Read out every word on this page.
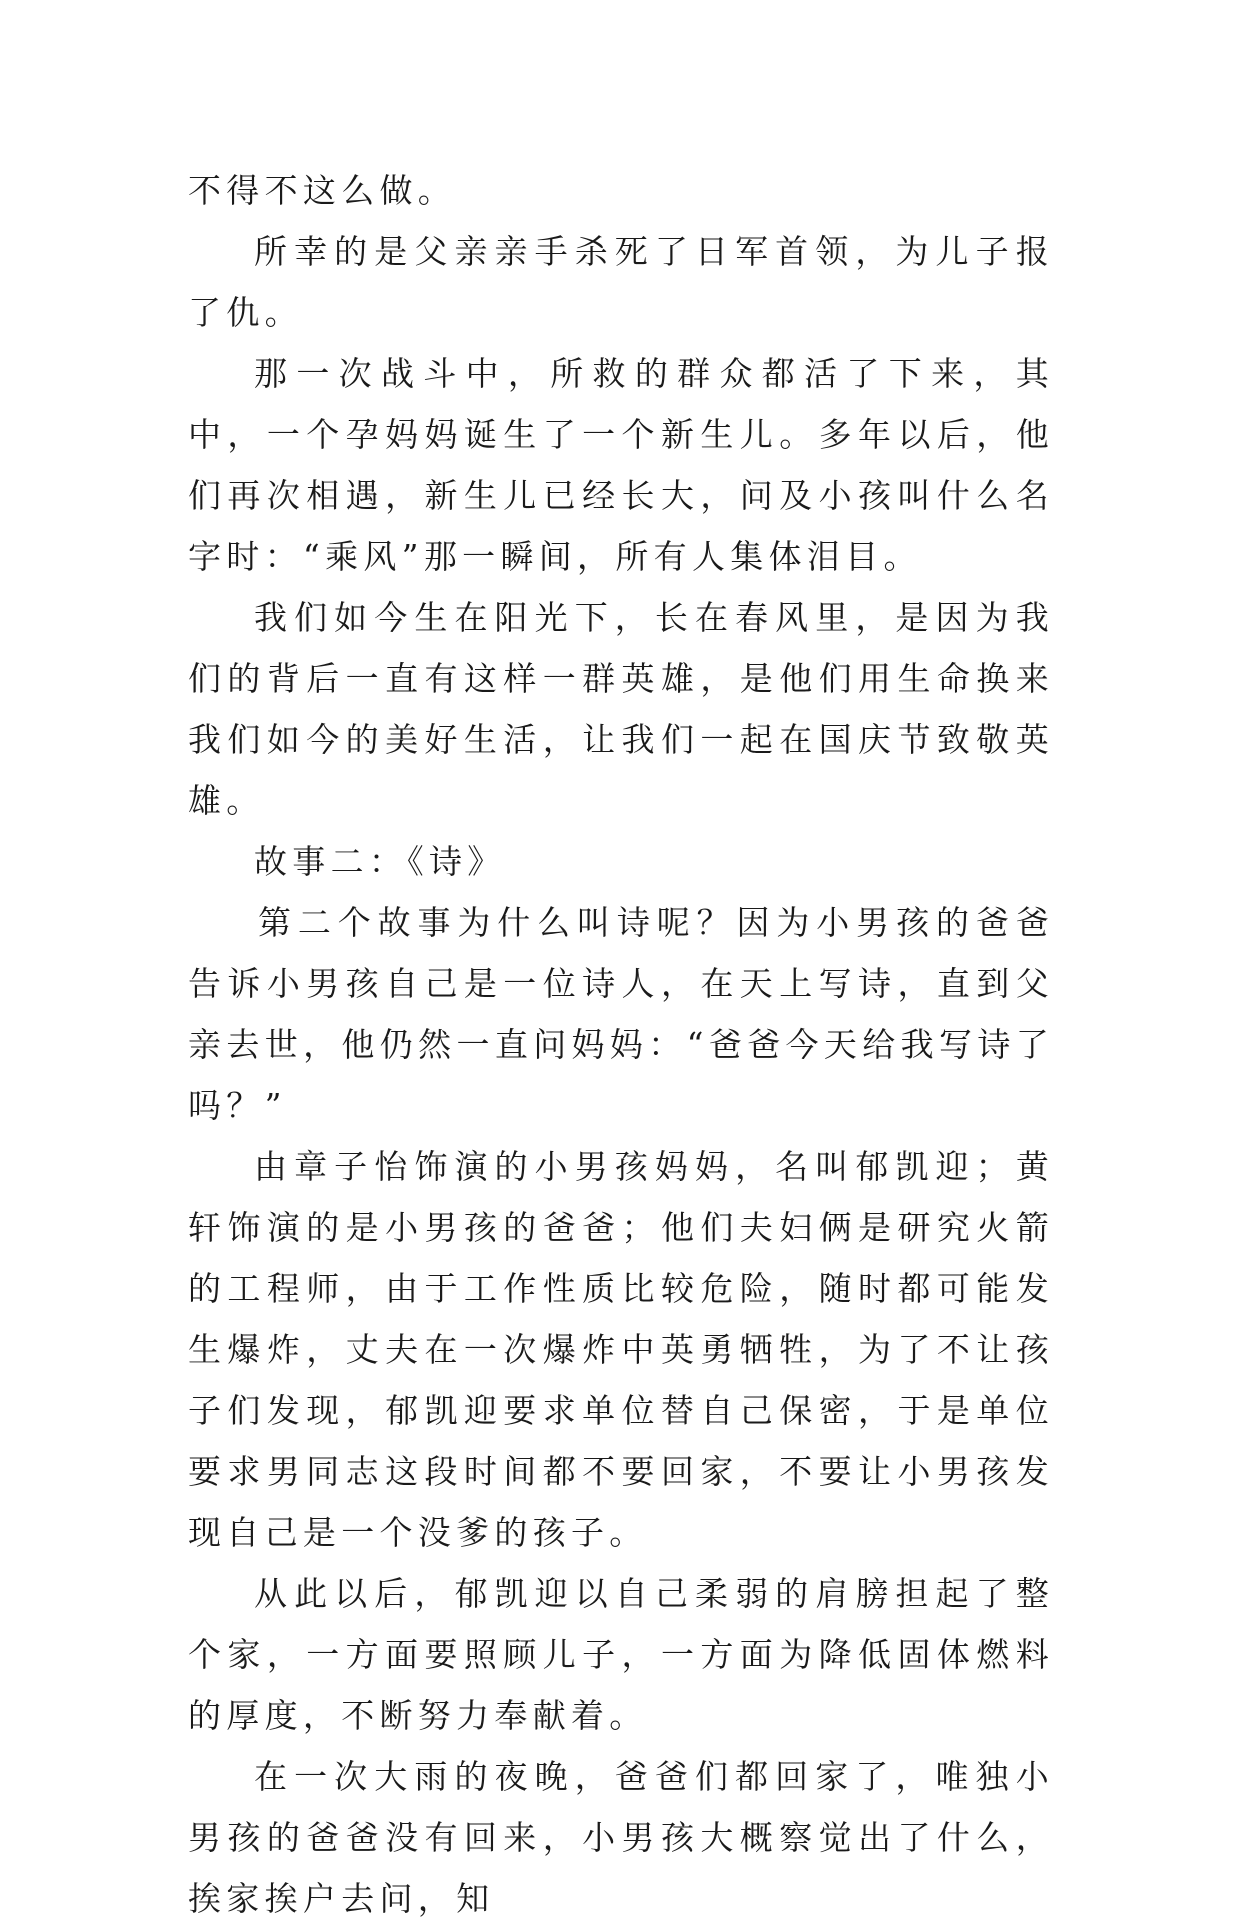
不得不这么做。

所幸的是父亲亲手杀死了日军首领，为儿子报了仇。

那一次战斗中，所救的群众都活了下来，其中，一个孕妈妈诞生了一个新生儿。多年以后，他们再次相遇，新生儿已经长大，问及小孩叫什么名字时：“乘风”那一瞬间，所有人集体泪目。

我们如今生在阳光下，长在春风里，是因为我们的背后一直有这样一群英雄，是他们用生命换来我们如今的美好生活，让我们一起在国庆节致敬英雄。

故事二：《诗》

第二个故事为什么叫诗呢？因为小男孩的爸爸告诉小男孩自己是一位诗人，在天上写诗，直到父亲去世，他仍然一直问妈妈：“爸爸今天给我写诗了吗？”

由章子怡饰演的小男孩妈妈，名叫郁凯迎；黄轩饰演的是小男孩的爸爸；他们夫妇俩是研究火箭的工程师，由于工作性质比较危险，随时都可能发生爆炸，丈夫在一次爆炸中英勇牺牲，为了不让孩子们发现，郁凯迎要求单位替自己保密，于是单位要求男同志这段时间都不要回家，不要让小男孩发现自己是一个没爹的孩子。

从此以后，郁凯迎以自己柔弱的肩膀担起了整个家，一方面要照顾儿子，一方面为降低固体燃料的厚度，不断努力奉献着。

在一次大雨的夜晚，爸爸们都回家了，唯独小男孩的爸爸没有回来，小男孩大概察觉出了什么，挨家挨户去问，知
